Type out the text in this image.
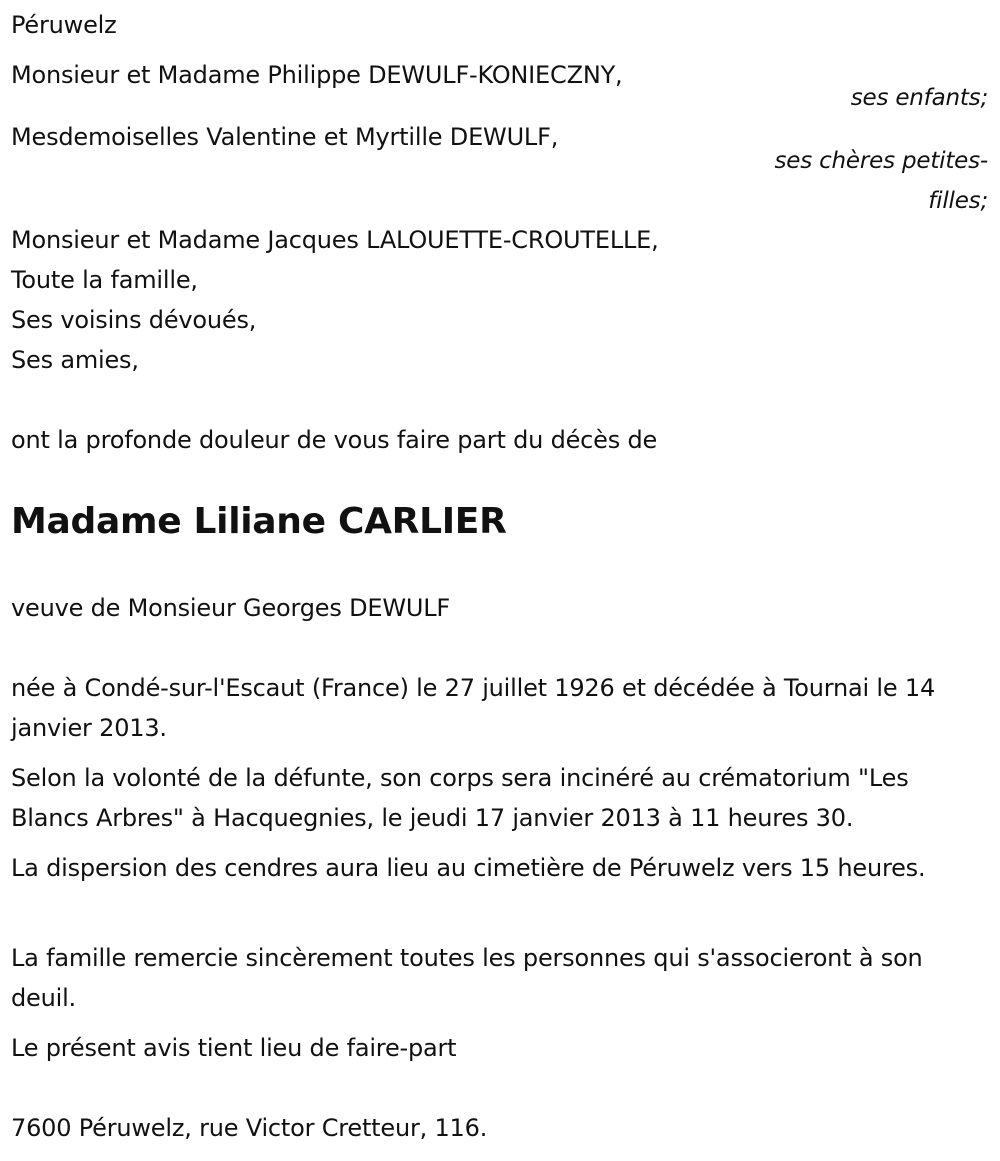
Péruwelz
Monsieur et Madame Philippe DEWULF-KONIECZNY,
ses enfants;
Mesdemoiselles Valentine et Myrtille DEWULF,
ses chères petites-
filles;
Monsieur et Madame Jacques LALOUETTE-CROUTELLE,
Toute la famille,
Ses voisins dévoués,
Ses amies,
ont la profonde douleur de vous faire part du décès de
Madame Liliane CARLIER
veuve de Monsieur Georges DEWULF
née à Condé-sur-l'Escaut (France) le 27 juillet 1926 et décédée à Tournai le 14 janvier 2013.
Selon la volonté de la défunte, son corps sera incinéré au crématorium "Les Blancs Arbres" à Hacquegnies, le jeudi 17 janvier 2013 à 11 heures 30.
La dispersion des cendres aura lieu au cimetière de Péruwelz vers 15 heures.
La famille remercie sincèrement toutes les personnes qui s'associeront à son deuil.
Le présent avis tient lieu de faire-part
7600 Péruwelz, rue Victor Cretteur, 116.
